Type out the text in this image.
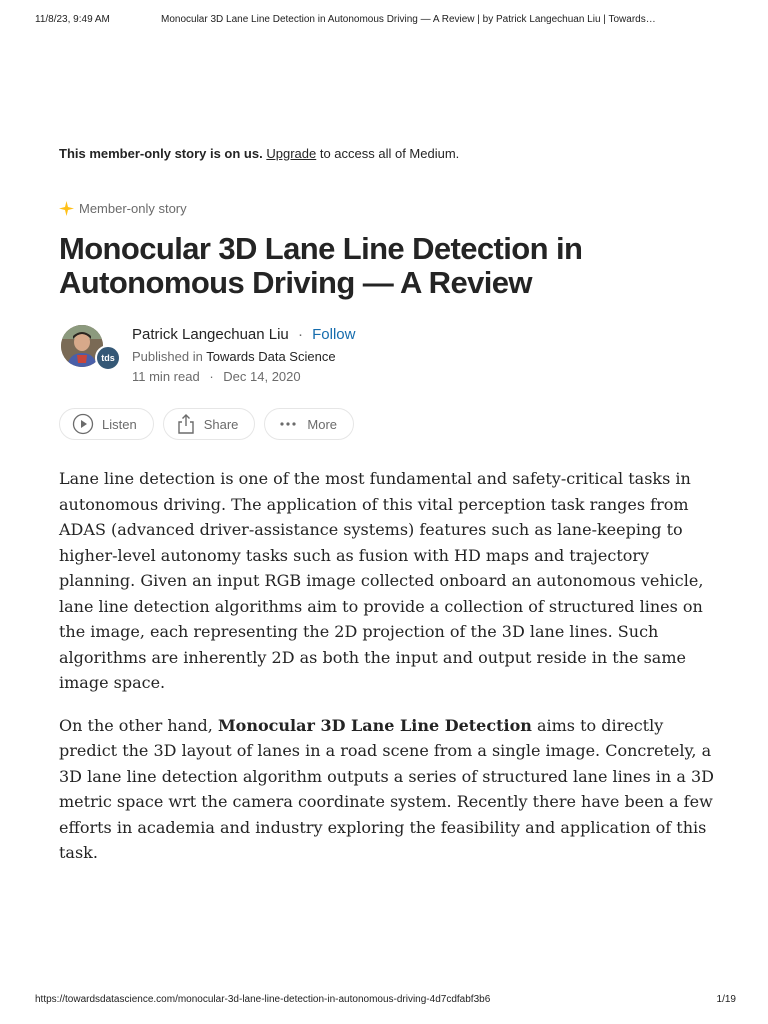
11/8/23, 9:49 AM	Monocular 3D Lane Line Detection in Autonomous Driving — A Review | by Patrick Langechuan Liu | Towards…
This member-only story is on us. Upgrade to access all of Medium.
Member-only story
Monocular 3D Lane Line Detection in Autonomous Driving — A Review
tds
Patrick Langechuan Liu · Follow
Published in Towards Data Science
11 min read · Dec 14, 2020
Listen	Share	More

Lane line detection is one of the most fundamental and safety-critical tasks in autonomous driving. The application of this vital perception task ranges from ADAS (advanced driver-assistance systems) features such as lane-keeping to higher-level autonomy tasks such as fusion with HD maps and trajectory planning. Given an input RGB image collected onboard an autonomous vehicle, lane line detection algorithms aim to provide a collection of structured lines on the image, each representing the 2D projection of the 3D lane lines. Such algorithms are inherently 2D as both the input and output reside in the same image space.

On the other hand, Monocular 3D Lane Line Detection aims to directly predict the 3D layout of lanes in a road scene from a single image. Concretely, a 3D lane line detection algorithm outputs a series of structured lane lines in a 3D metric space wrt the camera coordinate system. Recently there have been a few efforts in academia and industry exploring the feasibility and application of this task.

https://towardsdatascience.com/monocular-3d-lane-line-detection-in-autonomous-driving-4d7cdfabf3b6	1/19
